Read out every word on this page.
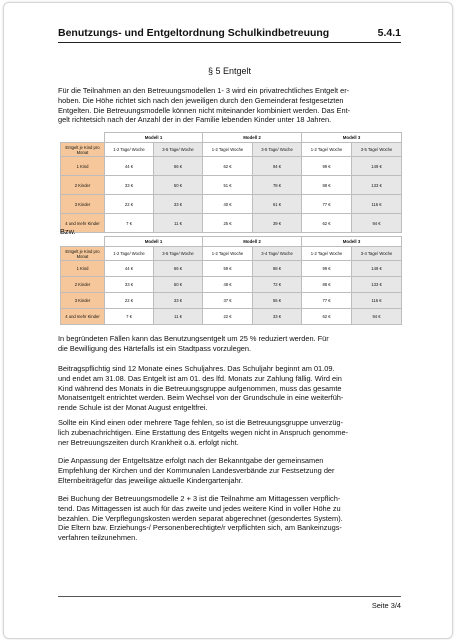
Benutzungs- und Entgeltordnung Schulkindbetreuung	5.4.1
§ 5 Entgelt

Für die Teilnahmen an den Betreuungsmodellen 1- 3 wird ein privatrechtliches Entgelt er-
hoben. Die Höhe richtet sich nach den jeweiligen durch den Gemeinderat festgesetzten
Entgelten. Die Betreuungsmodelle können nicht miteinander kombiniert werden. Das Ent-
gelt richtetsich nach der Anzahl der in der Familie lebenden Kinder unter 18 Jahren.

	Modell 1		Modell 2		Modell 3	
Entgelt je Kind pro Monat	1-2 Tage/ Woche	3-5 Tage/ Woche	1-2 Tage/ Woche	3-5 Tage/ Woche	1-2 Tage/ Woche	3-5 Tage/ Woche
1 Kind	44 €	66 €	62 €	94 €	99 €	149 €
2 Kinder	33 €	50 €	51 €	78 €	88 €	133 €
3 Kinder	22 €	33 €	40 €	61 €	77 €	116 €
4 und mehr Kinder	7 €	11 €	25 €	39 €	62 €	94 €
Bzw.
	Modell 1		Modell 2		Modell 3	
Entgelt je Kind pro Monat	1-2 Tage/ Woche	3-5 Tage/ Woche	1-2 Tage/ Woche	3-4 Tage/ Woche	1-2 Tage/ Woche	3-4 Tage/ Woche
1 Kind	44 €	66 €	59 €	88 €	99 €	149 €
2 Kinder	33 €	50 €	48 €	72 €	88 €	133 €
3 Kinder	22 €	33 €	37 €	55 €	77 €	116 €
4 und mehr Kinder	7 €	11 €	22 €	33 €	62 €	94 €

In begründeten Fällen kann das Benutzungsentgelt um 25 % reduziert werden. Für
die Bewilligung des Härtefalls ist ein Stadtpass vorzulegen.

Beitragspflichtig sind 12 Monate eines Schuljahres. Das Schuljahr beginnt am 01.09.
und endet am 31.08. Das Entgelt ist am 01. des lfd. Monats zur Zahlung fällig. Wird ein
Kind während des Monats in die Betreuungsgruppe aufgenommen, muss das gesamte
Monatsentgelt entrichtet werden. Beim Wechsel von der Grundschule in eine weiterfüh-
rende Schule ist der Monat August entgeltfrei.

Sollte ein Kind einen oder mehrere Tage fehlen, so ist die Betreuungsgruppe unverzüg-
lich zubenachrichtigen. Eine Erstattung des Entgelts wegen nicht in Anspruch genomme-
ner Betreuungszeiten durch Krankheit o.ä. erfolgt nicht.

Die Anpassung der Entgeltsätze erfolgt nach der Bekanntgabe der gemeinsamen
Empfehlung der Kirchen und der Kommunalen Landesverbände zur Festsetzung der
Elternbeiträgefür das jeweilige aktuelle Kindergartenjahr.

Bei Buchung der Betreuungsmodelle 2 + 3 ist die Teilnahme am Mittagessen verpflich-
tend. Das Mittagessen ist auch für das zweite und jedes weitere Kind in voller Höhe zu
bezahlen. Die Verpflegungskosten werden separat abgerechnet (gesondertes System).
Die Eltern bzw. Erziehungs-/ Personenberechtigte/r verpflichten sich, am Bankeinzugs-
verfahren teilzunehmen.

Seite 3/4
